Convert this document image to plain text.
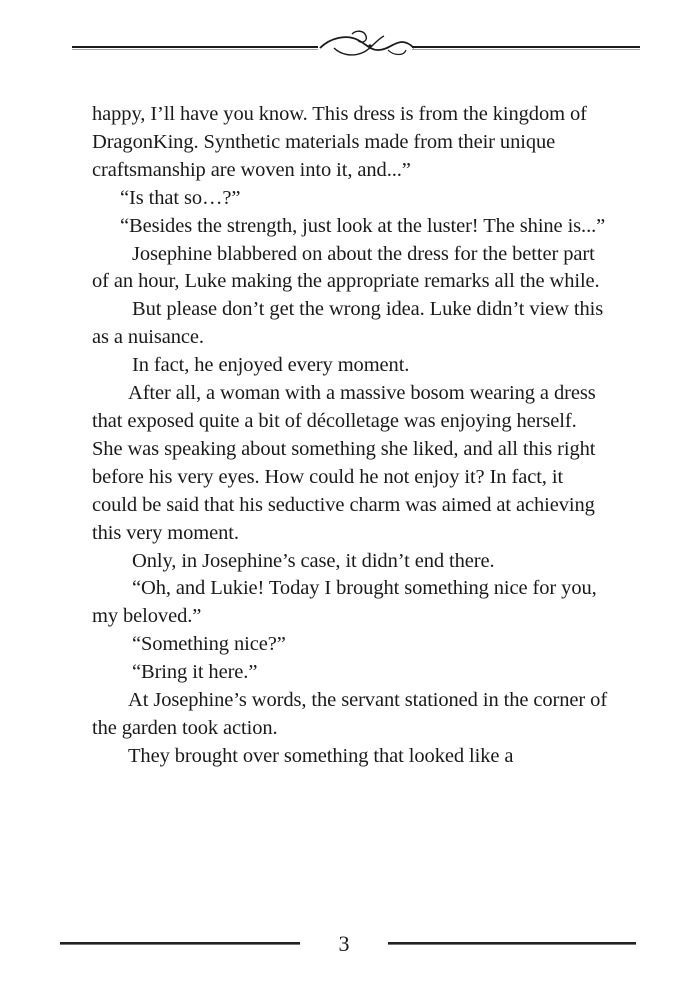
happy, I’ll have you know. This dress is from the kingdom of DragonKing. Synthetic materials made from their unique craftsmanship are woven into it, and...”

“Is that so…?”

“Besides the strength, just look at the luster! The shine is...”

Josephine blabbered on about the dress for the better part of an hour, Luke making the appropriate remarks all the while.

But please don’t get the wrong idea. Luke didn’t view this as a nuisance.

In fact, he enjoyed every moment.

After all, a woman with a massive bosom wearing a dress that exposed quite a bit of décolletage was enjoying herself. She was speaking about something she liked, and all this right before his very eyes. How could he not enjoy it? In fact, it could be said that his seductive charm was aimed at achieving this very moment.

Only, in Josephine’s case, it didn’t end there.

“Oh, and Lukie! Today I brought something nice for you, my beloved.”

“Something nice?”

“Bring it here.”

At Josephine’s words, the servant stationed in the corner of the garden took action.

They brought over something that looked like a

3
